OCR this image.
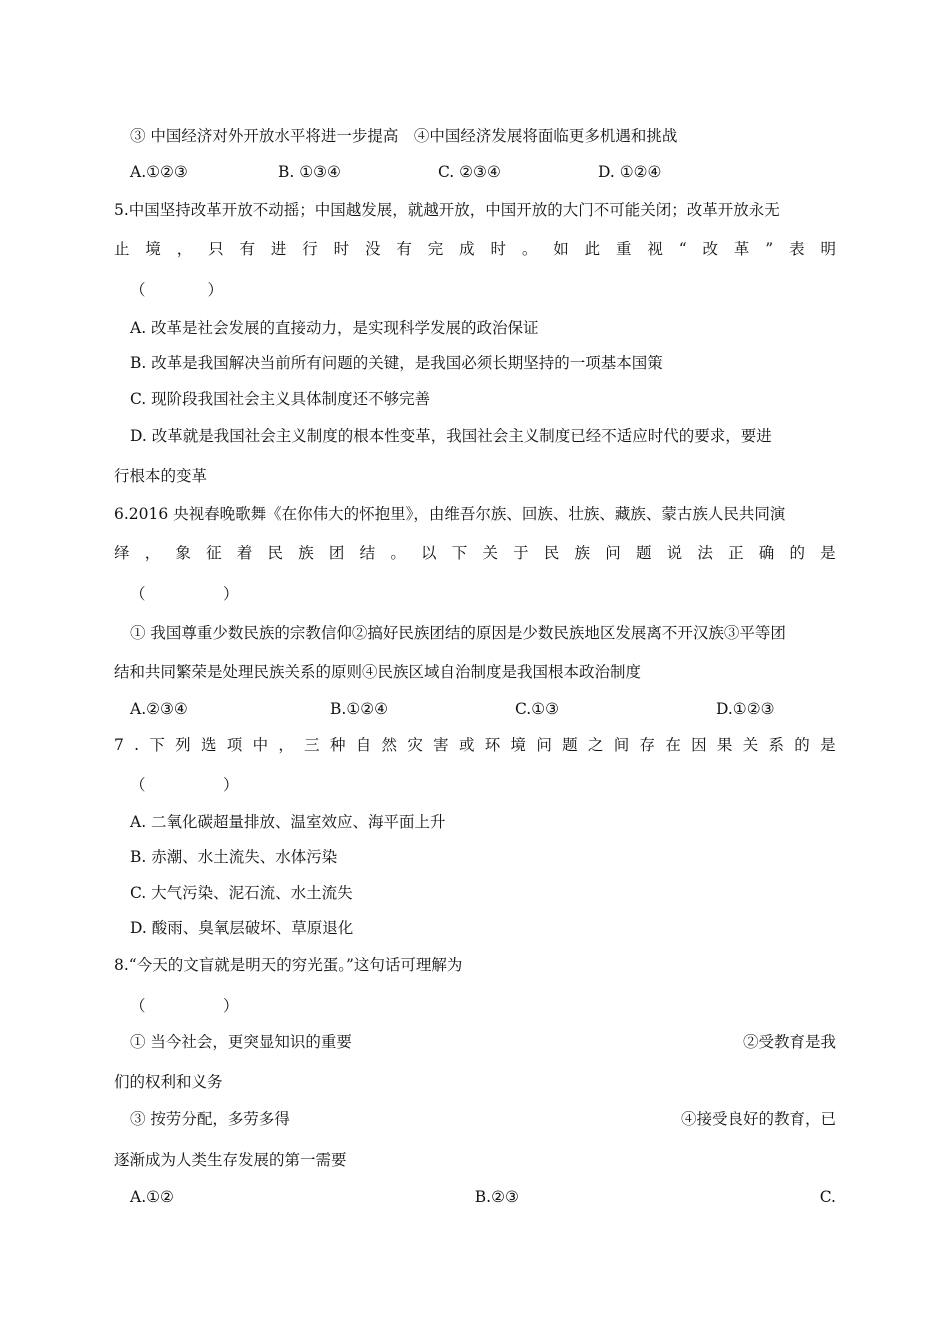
③ 中国经济对外开放水平将进一步提高　④中国经济发展将面临更多机遇和挑战
A.①②③	B. ①③④	C. ②③④	D. ①②④
5.中国坚持改革开放不动摇；中国越发展，就越开放，中国开放的大门不可能关闭；改革开放永无
止 境 ， 只 有 进 行 时 没 有 完 成 时 。 如 此 重 视 “ 改 革 ” 表 明
（　　　　）
A. 改革是社会发展的直接动力，是实现科学发展的政治保证
B. 改革是我国解决当前所有问题的关键，是我国必须长期坚持的一项基本国策
C. 现阶段我国社会主义具体制度还不够完善
D. 改革就是我国社会主义制度的根本性变革，我国社会主义制度已经不适应时代的要求，要进
行根本的变革
6.2016 央视春晚歌舞《在你伟大的怀抱里》，由维吾尔族、回族、壮族、藏族、蒙古族人民共同演
绎 ， 象 征 着 民 族 团 结 。 以 下 关 于 民 族 问 题 说 法 正 确 的 是
（　　　　　）
① 我国尊重少数民族的宗教信仰②搞好民族团结的原因是少数民族地区发展离不开汉族③平等团
结和共同繁荣是处理民族关系的原则④民族区域自治制度是我国根本政治制度
A.②③④	B.①②④	C.①③	D.①②③
7 . 下 列 选 项 中 ， 三 种 自 然 灾 害 或 环 境 问 题 之 间 存 在 因 果 关 系 的 是
（　　　　　）
A. 二氧化碳超量排放、温室效应、海平面上升
B. 赤潮、水土流失、水体污染
C. 大气污染、泥石流、水土流失
D. 酸雨、臭氧层破坏、草原退化
8.“今天的文盲就是明天的穷光蛋。”这句话可理解为
（　　　　　）
① 当今社会，更突显知识的重要	②受教育是我
们的权利和义务
③ 按劳分配，多劳多得	④接受良好的教育，已
逐渐成为人类生存发展的第一需要
A.①②	B.②③	C.
